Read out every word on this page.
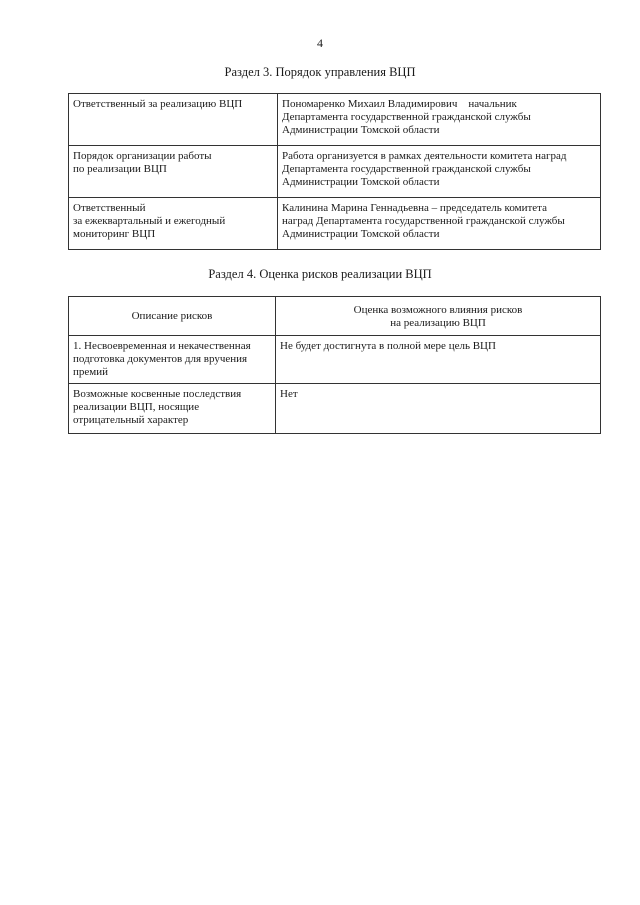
4
Раздел 3. Порядок управления ВЦП
Ответственный за реализацию ВЦП	Пономаренко Михаил Владимирович    начальник
Департамента государственной гражданской службы
Администрации Томской области

Порядок организации работы
по реализации ВЦП	Работа организуется в рамках деятельности комитета наград
Департамента государственной гражданской службы
Администрации Томской области

Ответственный
за ежеквартальный и ежегодный
мониторинг ВЦП	Калинина Марина Геннадьевна – председатель комитета
наград Департамента государственной гражданской службы
Администрации Томской области
Раздел 4. Оценка рисков реализации ВЦП
Описание рисков	Оценка возможного влияния рисков
на реализацию ВЦП

1. Несвоевременная и некачественная
подготовка документов для вручения
премий	Не будет достигнута в полной мере цель ВЦП

Возможные косвенные последствия
реализации ВЦП, носящие
отрицательный характер	Нет
